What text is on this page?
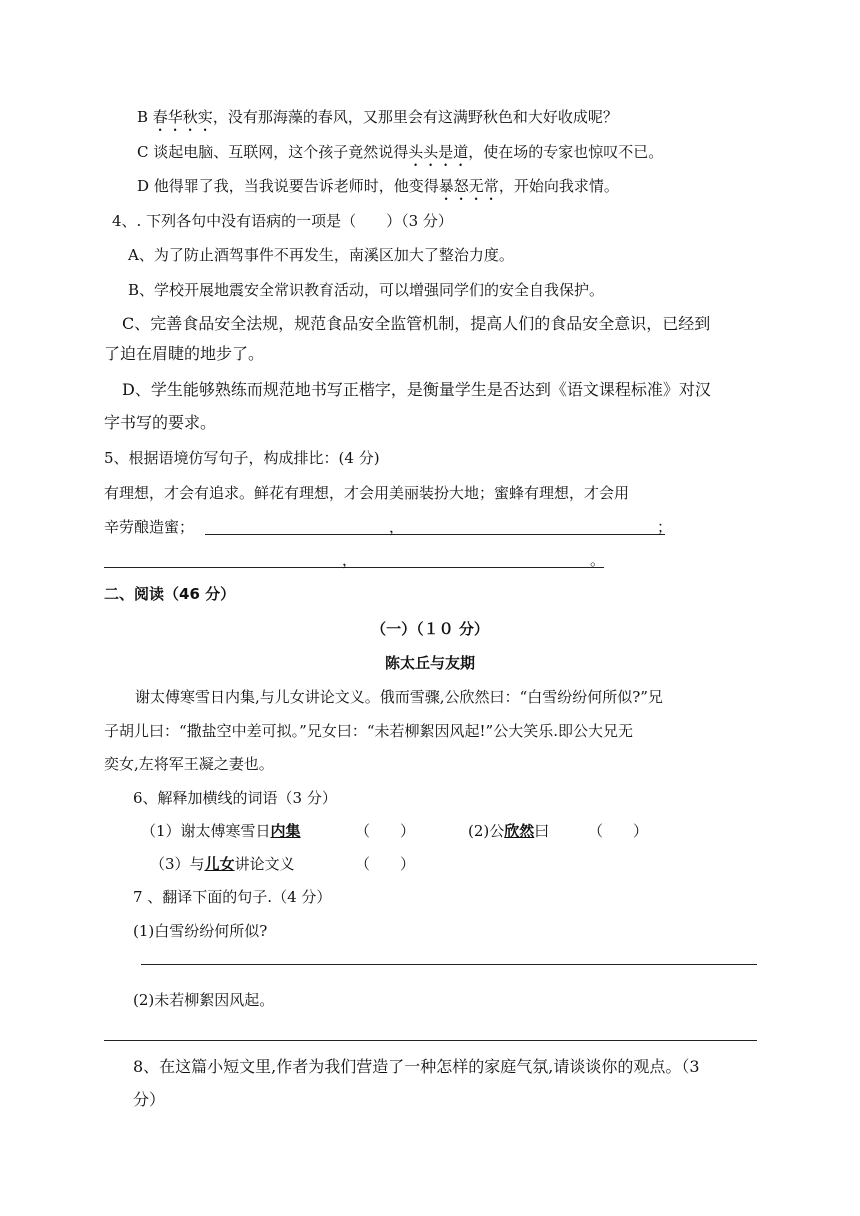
B 春华秋实，没有那海藻的春风，又那里会有这满野秋色和大好收成呢？
C 谈起电脑、互联网，这个孩子竟然说得头头是道，使在场的专家也惊叹不已。
D 他得罪了我，当我说要告诉老师时，他变得暴怒无常，开始向我求情。
4、. 下列各句中没有语病的一项是（　　）（3 分）
A、为了防止酒驾事件不再发生，南溪区加大了整治力度。
B、学校开展地震安全常识教育活动，可以增强同学们的安全自我保护。
C、完善食品安全法规，规范食品安全监管机制，提高人们的食品安全意识，已经到
了迫在眉睫的地步了。
D、学生能够熟练而规范地书写正楷字，是衡量学生是否达到《语文课程标准》对汉
字书写的要求。
5、根据语境仿写句子，构成排比：(4 分)
有理想，才会有追求。鲜花有理想，才会用美丽装扮大地；蜜蜂有理想，才会用
辛劳酿造蜜；	，	；
，	。
二、阅读（46 分）
（一）（１０ 分）
陈太丘与友期
谢太傅寒雪日内集,与儿女讲论文义。俄而雪骤,公欣然曰：“白雪纷纷何所似?”兄
子胡儿曰：“撒盐空中差可拟。”兄女曰：“未若柳絮因风起!”公大笑乐.即公大兄无
奕女,左将军王凝之妻也。
6、解释加横线的词语（3 分）
（1）谢太傅寒雪日内集	（　　）	(2)公欣然曰	（　　）
（3）与儿女讲论文义	（　　）
7 、翻译下面的句子.（4 分）
(1)白雪纷纷何所似?
(2)未若柳絮因风起。
8、在这篇小短文里,作者为我们营造了一种怎样的家庭气氛,请谈谈你的观点。（3
分）
